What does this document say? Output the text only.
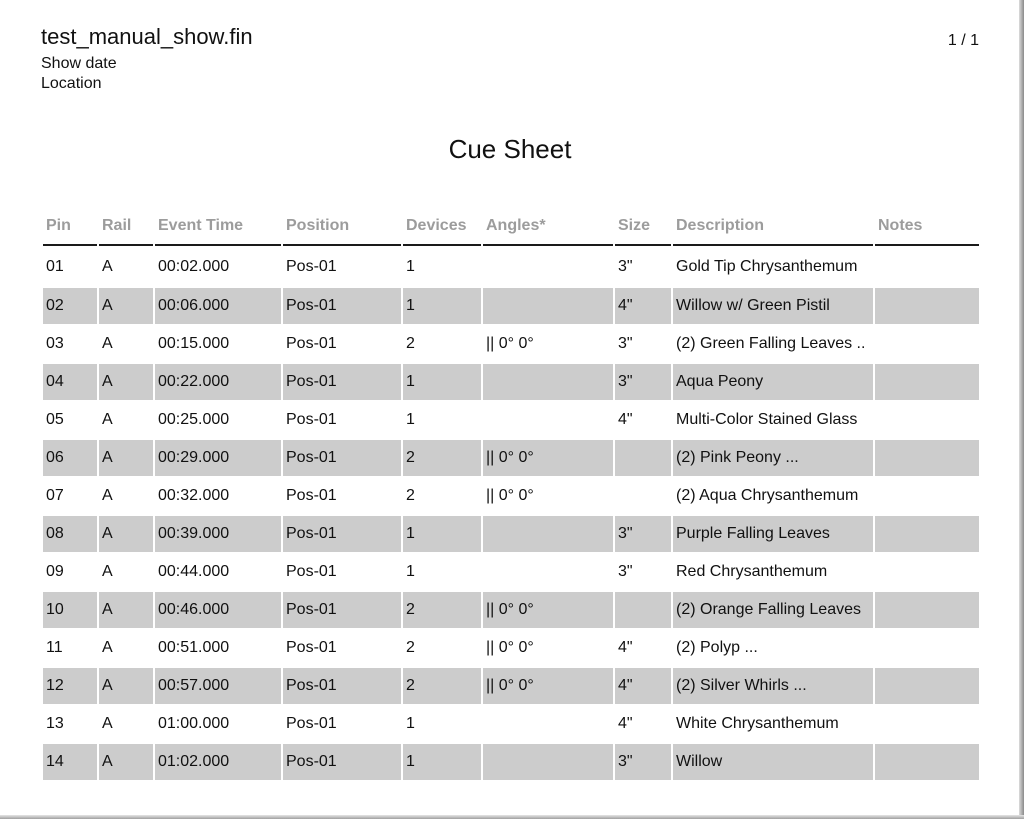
test_manual_show.fin
Show date
Location
1 / 1
Cue Sheet
Pin	Rail	Event Time	Position	Devices	Angles*	Size	Description	Notes
01	A	00:02.000	Pos-01	1		3"	Gold Tip Chrysanthemum	
02	A	00:06.000	Pos-01	1		4"	Willow w/ Green Pistil	
03	A	00:15.000	Pos-01	2	|| 0° 0°	3"	(2) Green Falling Leaves ..	
04	A	00:22.000	Pos-01	1		3"	Aqua Peony	
05	A	00:25.000	Pos-01	1		4"	Multi-Color Stained Glass	
06	A	00:29.000	Pos-01	2	|| 0° 0°		(2) Pink Peony ...	
07	A	00:32.000	Pos-01	2	|| 0° 0°		(2) Aqua Chrysanthemum	
08	A	00:39.000	Pos-01	1		3"	Purple Falling Leaves	
09	A	00:44.000	Pos-01	1		3"	Red Chrysanthemum	
10	A	00:46.000	Pos-01	2	|| 0° 0°		(2) Orange Falling Leaves	
11	A	00:51.000	Pos-01	2	|| 0° 0°	4"	(2) Polyp ...	
12	A	00:57.000	Pos-01	2	|| 0° 0°	4"	(2) Silver Whirls ...	
13	A	01:00.000	Pos-01	1		4"	White Chrysanthemum	
14	A	01:02.000	Pos-01	1		3"	Willow	
